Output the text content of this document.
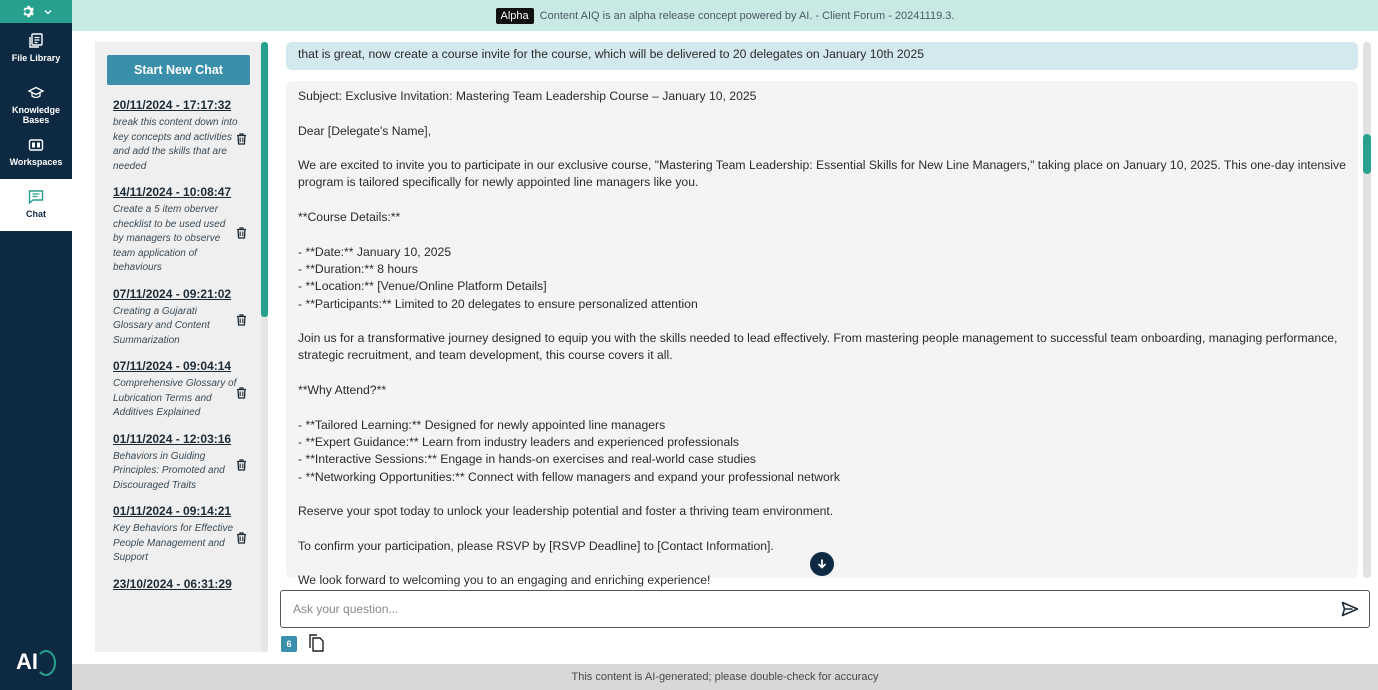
File Library
Knowledge Bases
Workspaces
Chat
AI
Alpha	Content AIQ is an alpha release concept powered by AI. - Client Forum - 20241119.3.
Start New Chat
20/11/2024 - 17:17:32
break this content down into key concepts and activities and add the skills that are needed
14/11/2024 - 10:08:47
Create a 5 item oberver checklist to be used used by managers to observe team application of behaviours
07/11/2024 - 09:21:02
Creating a Gujarati Glossary and Content Summarization
07/11/2024 - 09:04:14
Comprehensive Glossary of Lubrication Terms and Additives Explained
01/11/2024 - 12:03:16
Behaviors in Guiding Principles: Promoted and Discouraged Traits
01/11/2024 - 09:14:21
Key Behaviors for Effective People Management and Support
23/10/2024 - 06:31:29
that is great, now create a course invite for the course, which will be delivered to 20 delegates on January 10th 2025

Subject: Exclusive Invitation: Mastering Team Leadership Course – January 10, 2025

Dear [Delegate's Name],

We are excited to invite you to participate in our exclusive course, "Mastering Team Leadership: Essential Skills for New Line Managers," taking place on January 10, 2025. This one-day intensive program is tailored specifically for newly appointed line managers like you.

**Course Details:**

- **Date:** January 10, 2025

- **Duration:** 8 hours

- **Location:** [Venue/Online Platform Details]

- **Participants:** Limited to 20 delegates to ensure personalized attention

Join us for a transformative journey designed to equip you with the skills needed to lead effectively. From mastering people management to successful team onboarding, managing performance, strategic recruitment, and team development, this course covers it all.

**Why Attend?**

- **Tailored Learning:** Designed for newly appointed line managers

- **Expert Guidance:** Learn from industry leaders and experienced professionals

- **Interactive Sessions:** Engage in hands-on exercises and real-world case studies

- **Networking Opportunities:** Connect with fellow managers and expand your professional network

Reserve your spot today to unlock your leadership potential and foster a thriving team environment.

To confirm your participation, please RSVP by [RSVP Deadline] to [Contact Information].

We look forward to welcoming you to an engaging and enriching experience!

Ask your question...
6
This content is AI-generated; please double-check for accuracy
